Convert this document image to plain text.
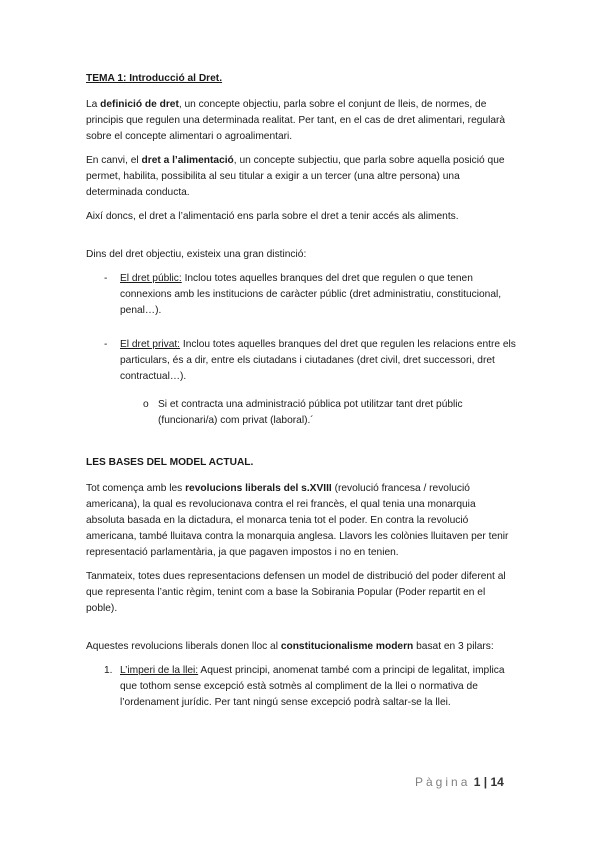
TEMA 1: Introducció al Dret.

La definició de dret, un concepte objectiu, parla sobre el conjunt de lleis, de normes, de principis que regulen una determinada realitat. Per tant, en el cas de dret alimentari, regularà sobre el concepte alimentari o agroalimentari.

En canvi, el dret a l’alimentació, un concepte subjectiu, que parla sobre aquella posició que permet, habilita, possibilita al seu titular a exigir a un tercer (una altre persona) una determinada conducta.

Així doncs, el dret a l’alimentació ens parla sobre el dret a tenir accés als aliments.

Dins del dret objectiu, existeix una gran distinció:

- El dret públic: Inclou totes aquelles branques del dret que regulen o que tenen connexions amb les institucions de caràcter públic (dret administratiu, constitucional, penal…).
- El dret privat: Inclou totes aquelles branques del dret que regulen les relacions entre els particulars, és a dir, entre els ciutadans i ciutadanes (dret civil, dret successori, dret contractual…).
o Si et contracta una administració pública pot utilitzar tant dret públic (funcionari/a) com privat (laboral).´

LES BASES DEL MODEL ACTUAL.

Tot comença amb les revolucions liberals del s.XVIII (revolució francesa / revolució americana), la qual es revolucionava contra el rei francès, el qual tenia una monarquia absoluta basada en la dictadura, el monarca tenia tot el poder. En contra la revolució americana, també lluitava contra la monarquia anglesa. Llavors les colònies lluitaven per tenir representació parlamentària, ja que pagaven impostos i no en tenien.

Tanmateix, totes dues representacions defensen un model de distribució del poder diferent al que representa l’antic règim, tenint com a base la Sobirania Popular (Poder repartit en el poble).

Aquestes revolucions liberals donen lloc al constitucionalisme modern basat en 3 pilars:

1. L’imperi de la llei: Aquest principi, anomenat també com a principi de legalitat, implica que tothom sense excepció està sotmès al compliment de la llei o normativa de l’ordenament jurídic. Per tant ningú sense excepció podrà saltar-se la llei.
Pàgina 1 | 14
